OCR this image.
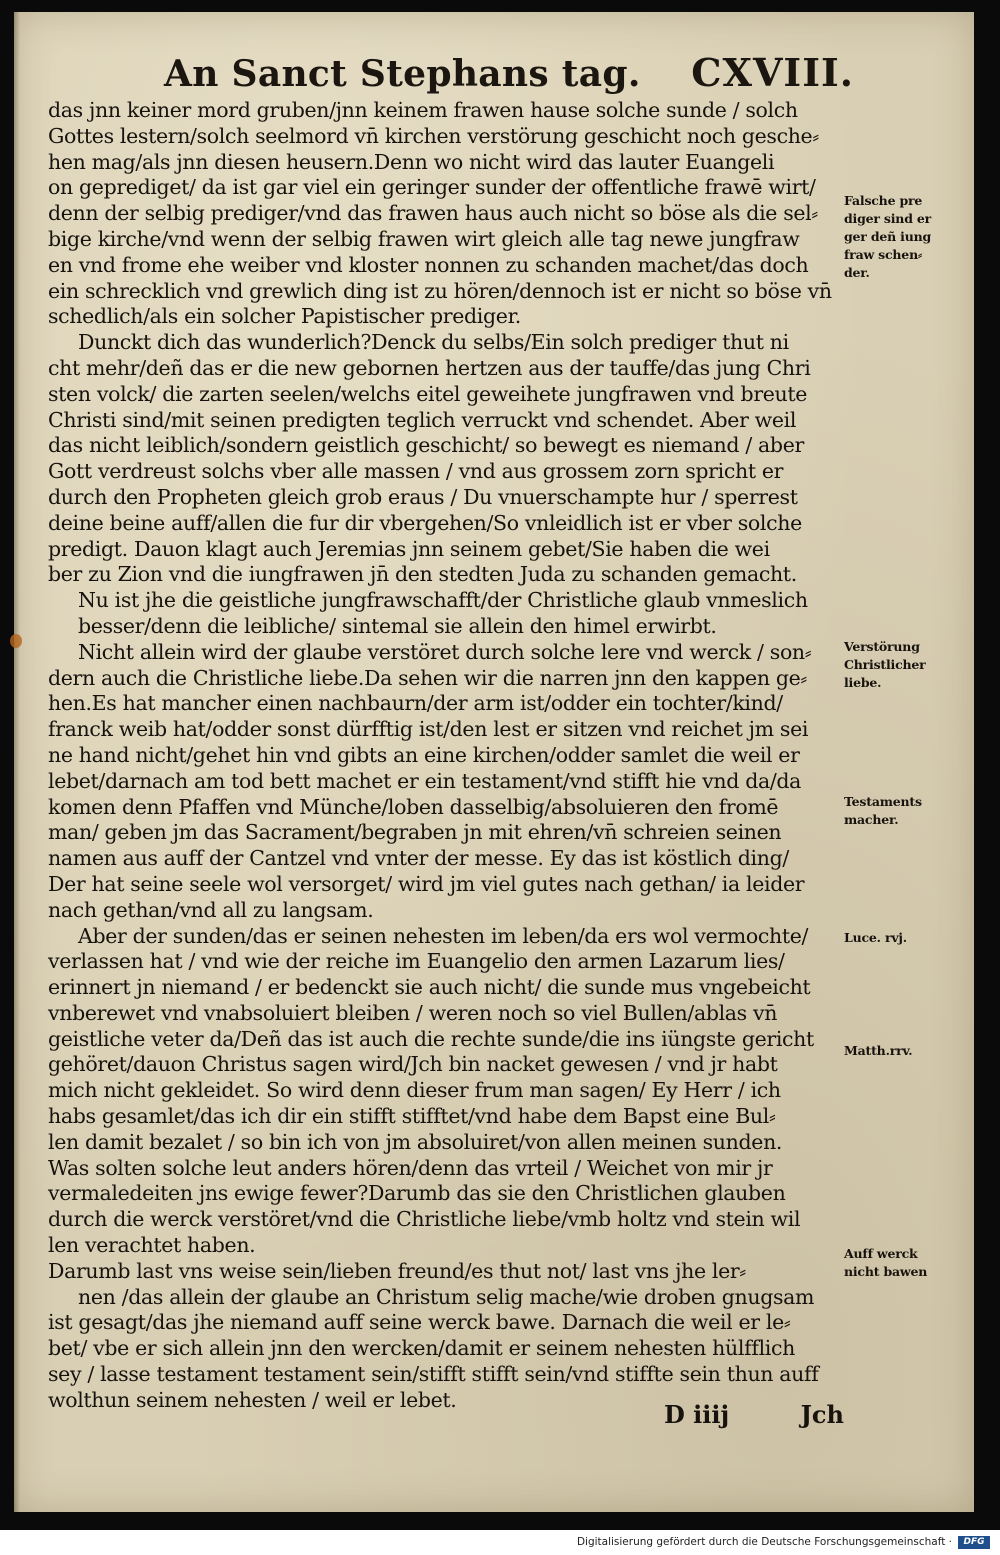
An Sanct Stephans tag. CXVIII.
das jnn keiner mord gruben/jnn keinem frawen hause solche sunde / solch
Gottes lestern/solch seelmord vn̄ kirchen verstörung geschicht noch gesche⸗
hen mag/als jnn diesen heusern.Denn wo nicht wird das lauter Euangeli
on geprediget/ da ist gar viel ein geringer sunder der offentliche frawē wirt/
denn der selbig prediger/vnd das frawen haus auch nicht so böse als die sel⸗
bige kirche/vnd wenn der selbig frawen wirt gleich alle tag newe jungfraw
en vnd frome ehe weiber vnd kloster nonnen zu schanden machet/das doch
ein schrecklich vnd grewlich ding ist zu hören/dennoch ist er nicht so böse vn̄
schedlich/als ein solcher Papistischer prediger.
Dunckt dich das wunderlich?Denck du selbs/Ein solch prediger thut ni
cht mehr/deñ das er die new gebornen hertzen aus der tauffe/das jung Chri
sten volck/ die zarten seelen/welchs eitel geweihete jungfrawen vnd breute
Christi sind/mit seinen predigten teglich verruckt vnd schendet. Aber weil
das nicht leiblich/sondern geistlich geschicht/ so bewegt es niemand / aber
Gott verdreust solchs vber alle massen / vnd aus grossem zorn spricht er
durch den Propheten gleich grob eraus / Du vnuerschampte hur / sperrest
deine beine auff/allen die fur dir vbergehen/So vnleidlich ist er vber solche
predigt. Dauon klagt auch Jeremias jnn seinem gebet/Sie haben die wei
ber zu Zion vnd die iungfrawen jn̄ den stedten Juda zu schanden gemacht.
Nu ist jhe die geistliche jungfrawschafft/der Christliche glaub vnmeslich
besser/denn die leibliche/ sintemal sie allein den himel erwirbt.
Nicht allein wird der glaube verstöret durch solche lere vnd werck / son⸗
dern auch die Christliche liebe.Da sehen wir die narren jnn den kappen ge⸗
hen.Es hat mancher einen nachbaurn/der arm ist/odder ein tochter/kind/
franck weib hat/odder sonst dürfftig ist/den lest er sitzen vnd reichet jm sei
ne hand nicht/gehet hin vnd gibts an eine kirchen/odder samlet die weil er
lebet/darnach am tod bett machet er ein testament/vnd stifft hie vnd da/da
komen denn Pfaffen vnd Münche/loben dasselbig/absoluieren den fromē
man/ geben jm das Sacrament/begraben jn mit ehren/vn̄ schreien seinen
namen aus auff der Cantzel vnd vnter der messe. Ey das ist köstlich ding/
Der hat seine seele wol versorget/ wird jm viel gutes nach gethan/ ia leider
nach gethan/vnd all zu langsam.
Aber der sunden/das er seinen nehesten im leben/da ers wol vermochte/
verlassen hat / vnd wie der reiche im Euangelio den armen Lazarum lies/
erinnert jn niemand / er bedenckt sie auch nicht/ die sunde mus vngebeicht
vnberewet vnd vnabsoluiert bleiben / weren noch so viel Bullen/ablas vn̄
geistliche veter da/Deñ das ist auch die rechte sunde/die ins iüngste gericht
gehöret/dauon Christus sagen wird/Jch bin nacket gewesen / vnd jr habt
mich nicht gekleidet. So wird denn dieser frum man sagen/ Ey Herr / ich
habs gesamlet/das ich dir ein stifft stifftet/vnd habe dem Bapst eine Bul⸗
len damit bezalet / so bin ich von jm absoluiret/von allen meinen sunden.
Was solten solche leut anders hören/denn das vrteil / Weichet von mir jr
vermaledeiten jns ewige fewer?Darumb das sie den Christlichen glauben
durch die werck verstöret/vnd die Christliche liebe/vmb holtz vnd stein wil
len verachtet haben.
Darumb last vns weise sein/lieben freund/es thut not/ last vns jhe ler⸗
nen /das allein der glaube an Christum selig mache/wie droben gnugsam
ist gesagt/das jhe niemand auff seine werck bawe. Darnach die weil er le⸗
bet/ vbe er sich allein jnn den wercken/damit er seinem nehesten hülfflich
sey / lasse testament testament sein/stifft stifft sein/vnd stiffte sein thun auff
wolthun seinem nehesten / weil er lebet.
Falsche pre
diger sind er
ger deñ iung
fraw schen⸗
der.
Verstörung
Christlicher
liebe.
Testaments
macher.
Luce. rvj.
Matth.rrv.
Auff werck
nicht bawen
D iiij	Jch
Digitalisierung gefördert durch die Deutsche Forschungsgemeinschaft ·	DFG
